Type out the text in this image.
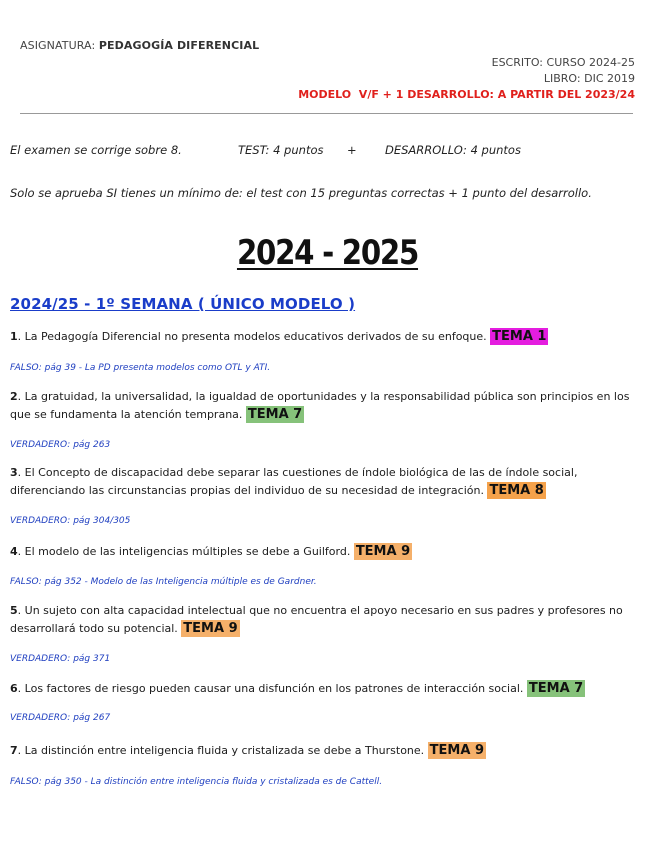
ASIGNATURA: PEDAGOGÍA DIFERENCIAL
ESCRITO: CURSO 2024-25
LIBRO: DIC 2019
MODELO  V/F + 1 DESARROLLO: A PARTIR DEL 2023/24

El examen se corrige sobre 8.

	TEST: 4 puntos

+

DESARROLLO: 4 puntos

Solo se aprueba SI tienes un mínimo de: el test con 15 preguntas correctas + 1 punto del desarrollo.
2024 - 2025
2024/25 - 1º SEMANA ( ÚNICO MODELO )
1. La Pedagogía Diferencial no presenta modelos educativos derivados de su enfoque. TEMA 1
FALSO: pág 39 - La PD presenta modelos como OTL y ATI.
2. La gratuidad, la universalidad, la igualdad de oportunidades y la responsabilidad pública son principios en los que se fundamenta la atención temprana. TEMA 7
VERDADERO: pág 263
3. El Concepto de discapacidad debe separar las cuestiones de índole biológica de las de índole social, diferenciando las circunstancias propias del individuo de su necesidad de integración. TEMA 8
VERDADERO: pág 304/305
4. El modelo de las inteligencias múltiples se debe a Guilford. TEMA 9
FALSO: pág 352 - Modelo de las Inteligencia múltiple es de Gardner.
5. Un sujeto con alta capacidad intelectual que no encuentra el apoyo necesario en sus padres y profesores no desarrollará todo su potencial. TEMA 9
VERDADERO: pág 371
6. Los factores de riesgo pueden causar una disfunción en los patrones de interacción social. TEMA 7
VERDADERO: pág 267
7. La distinción entre inteligencia fluida y cristalizada se debe a Thurstone. TEMA 9
FALSO: pág 350 - La distinción entre inteligencia fluida y cristalizada es de Cattell.
